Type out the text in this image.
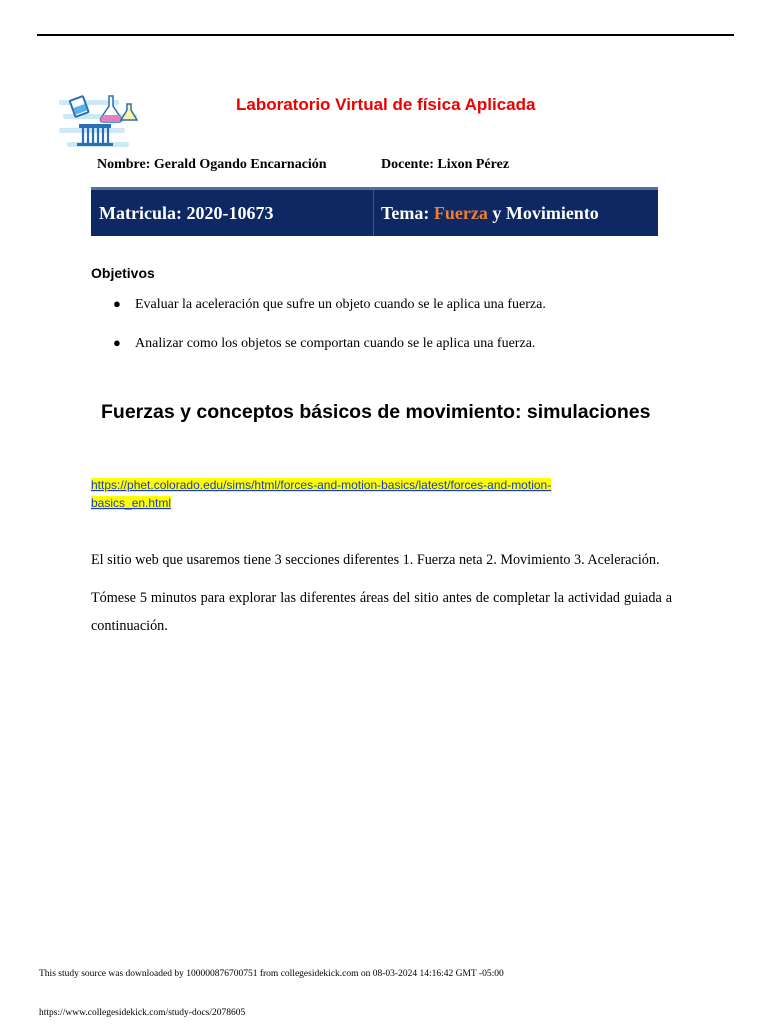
Laboratorio Virtual de física Aplicada
Nombre: Gerald Ogando Encarnación	Docente: Lixon Pérez
Matricula: 2020-10673	Tema:
Fuerza
y Movimiento
Objetivos
● Evaluar la aceleración que sufre un objeto cuando se le aplica una fuerza.
● Analizar como los objetos se comportan cuando se le aplica una fuerza.
Fuerzas y conceptos básicos de movimiento: simulaciones
https://phet.colorado.edu/sims/html/forces-and-motion-basics/latest/forces-and-motion-
basics_en.html
El sitio web que usaremos tiene 3 secciones diferentes 1. Fuerza neta 2. Movimiento 3. Aceleración.
Tómese 5 minutos para explorar las diferentes áreas del sitio antes de completar la actividad guiada a continuación.
This study source was downloaded by 100000876700751 from collegesidekick.com on 08-03-2024 14:16:42 GMT -05:00
https://www.collegesidekick.com/study-docs/2078605
